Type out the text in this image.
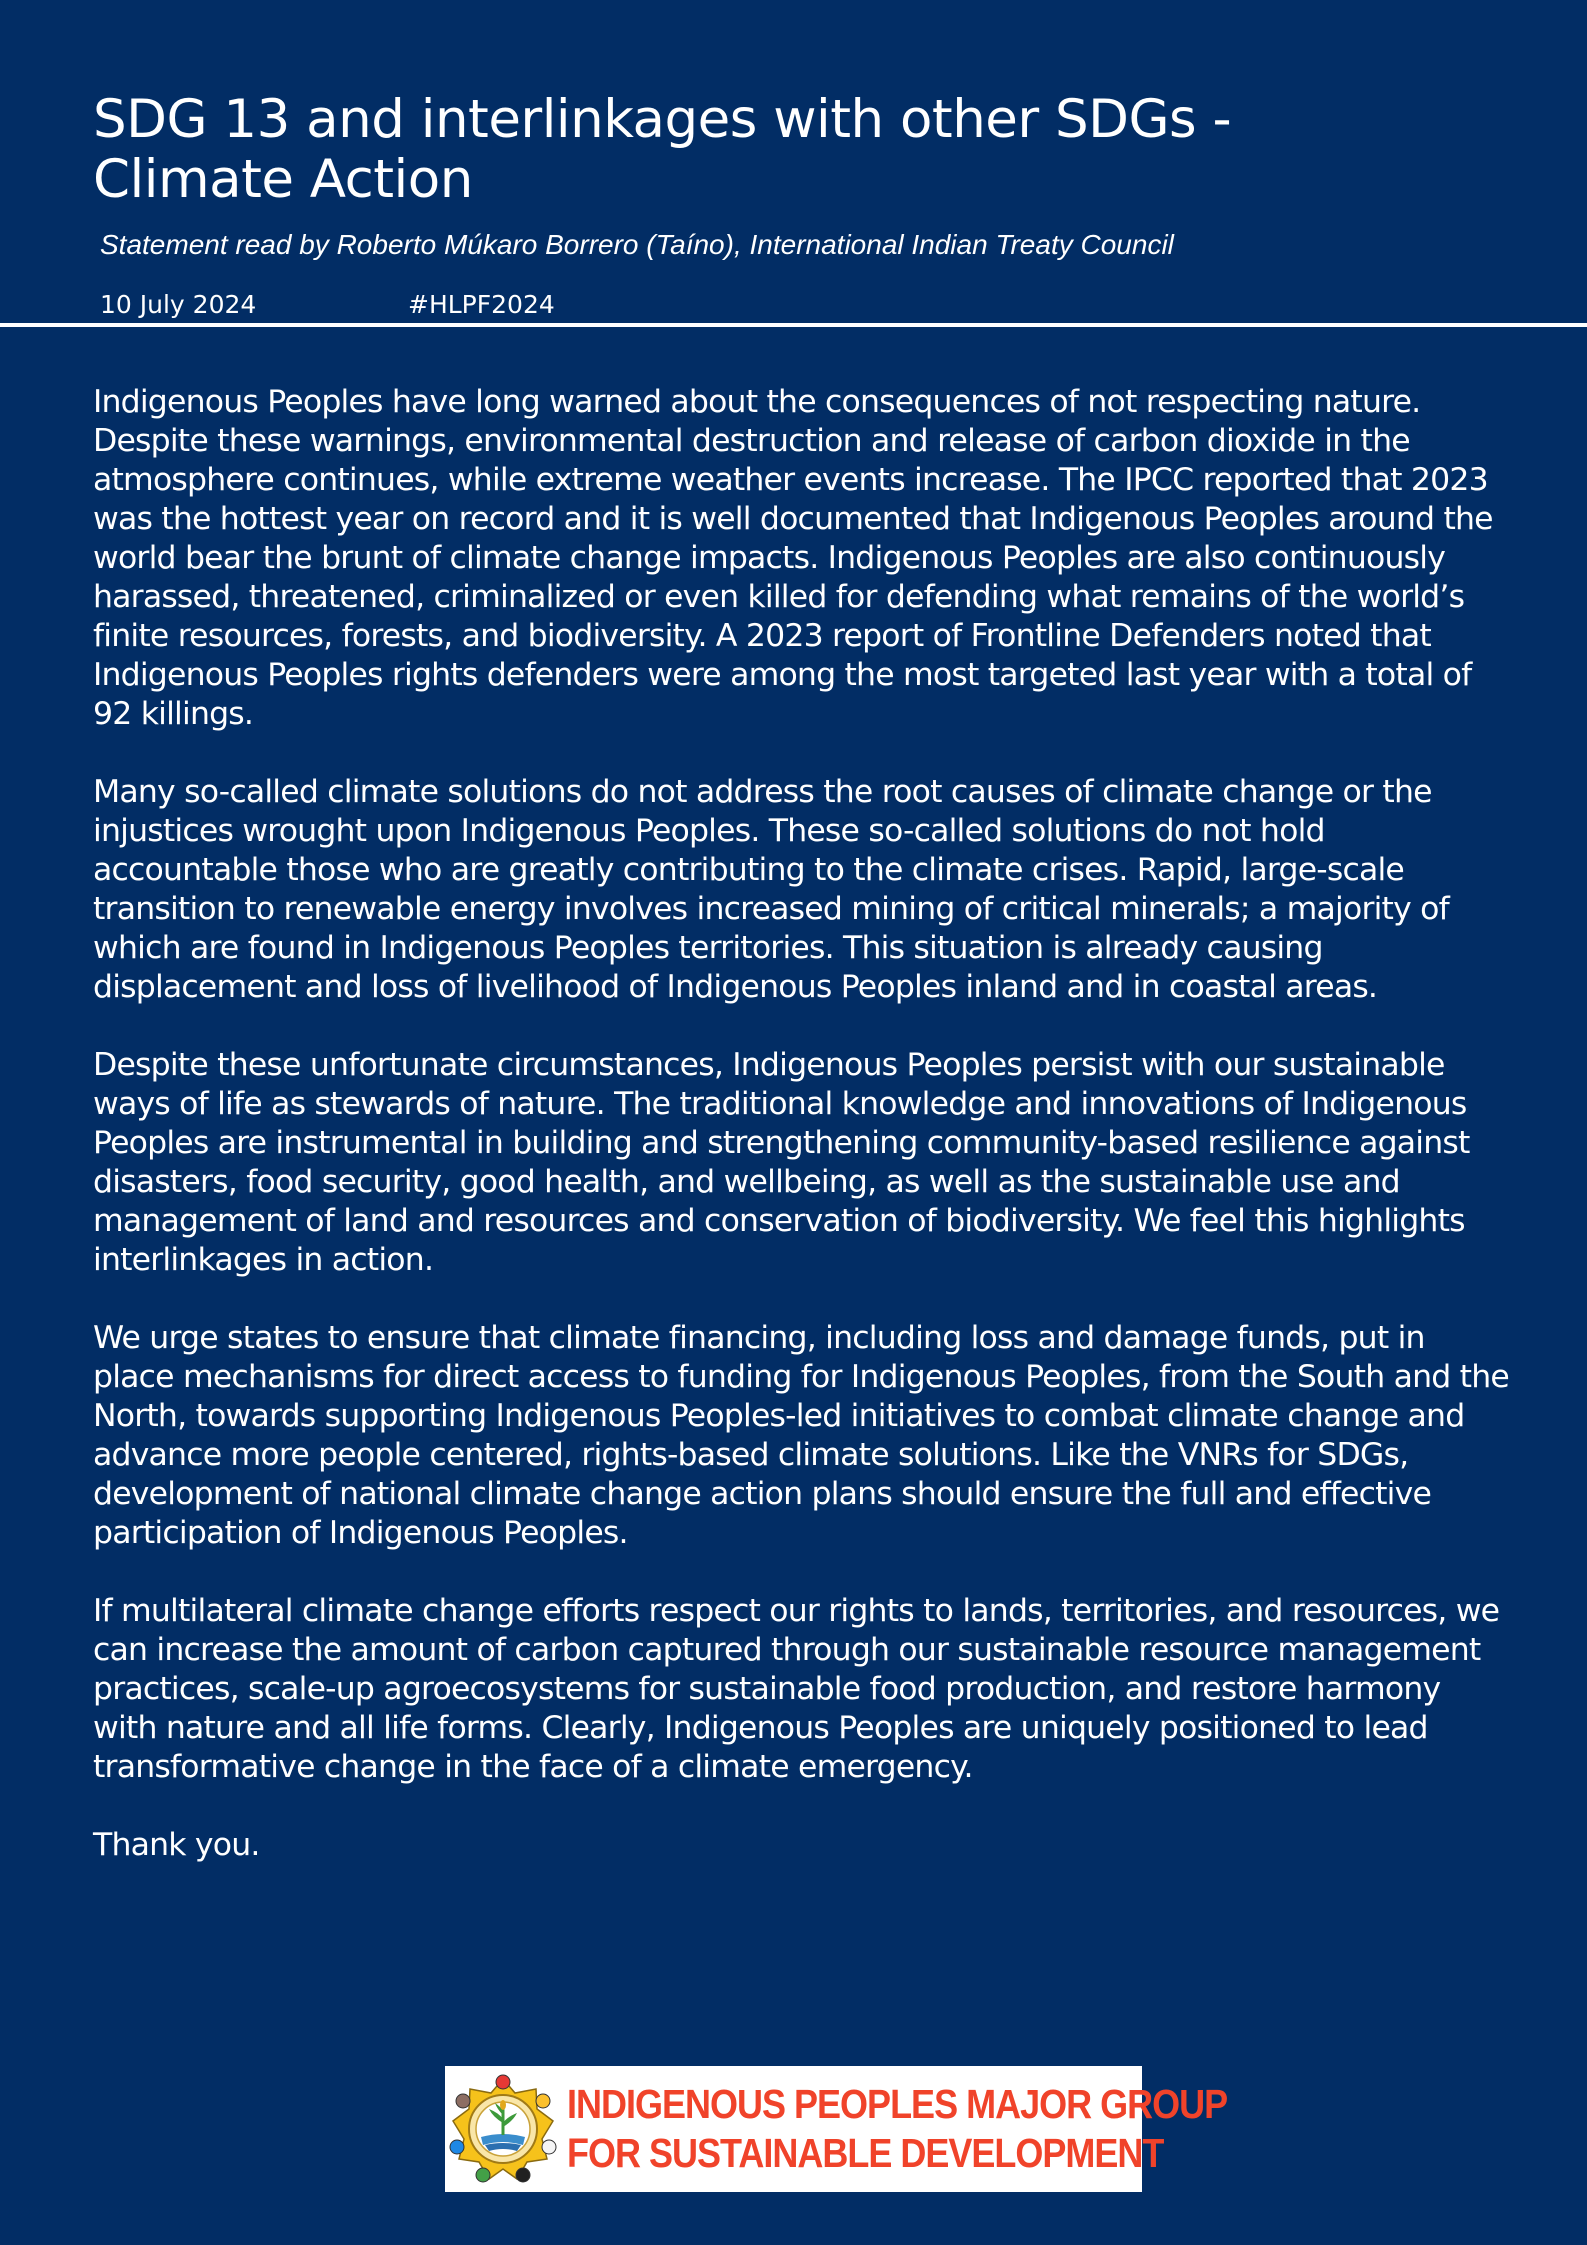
SDG 13 and interlinkages with other SDGs - Climate Action

Statement read by Roberto Múkaro Borrero (Taíno), International Indian Treaty Council

10 July 2024	#HLPF2024

Indigenous Peoples have long warned about the consequences of not respecting nature. Despite these warnings, environmental destruction and release of carbon dioxide in the atmosphere continues, while extreme weather events increase. The IPCC reported that 2023 was the hottest year on record and it is well documented that Indigenous Peoples around the world bear the brunt of climate change impacts. Indigenous Peoples are also continuously harassed, threatened, criminalized or even killed for defending what remains of the world’s finite resources, forests, and biodiversity. A 2023 report of Frontline Defenders noted that Indigenous Peoples rights defenders were among the most targeted last year with a total of 92 killings.

Many so-called climate solutions do not address the root causes of climate change or the injustices wrought upon Indigenous Peoples. These so-called solutions do not hold accountable those who are greatly contributing to the climate crises. Rapid, large-scale transition to renewable energy involves increased mining of critical minerals; a majority of which are found in Indigenous Peoples territories. This situation is already causing displacement and loss of livelihood of Indigenous Peoples inland and in coastal areas.

Despite these unfortunate circumstances, Indigenous Peoples persist with our sustainable ways of life as stewards of nature. The traditional knowledge and innovations of Indigenous Peoples are instrumental in building and strengthening community-based resilience against disasters, food security, good health, and wellbeing, as well as the sustainable use and management of land and resources and conservation of biodiversity. We feel this highlights interlinkages in action.

We urge states to ensure that climate financing, including loss and damage funds, put in place mechanisms for direct access to funding for Indigenous Peoples, from the South and the North, towards supporting Indigenous Peoples-led initiatives to combat climate change and advance more people centered, rights-based climate solutions. Like the VNRs for SDGs, development of national climate change action plans should ensure the full and effective participation of Indigenous Peoples.

If multilateral climate change efforts respect our rights to lands, territories, and resources, we can increase the amount of carbon captured through our sustainable resource management practices, scale-up agroecosystems for sustainable food production, and restore harmony with nature and all life forms. Clearly, Indigenous Peoples are uniquely positioned to lead transformative change in the face of a climate emergency.

Thank you.

INDIGENOUS PEOPLES MAJOR GROUP
FOR SUSTAINABLE DEVELOPMENT
